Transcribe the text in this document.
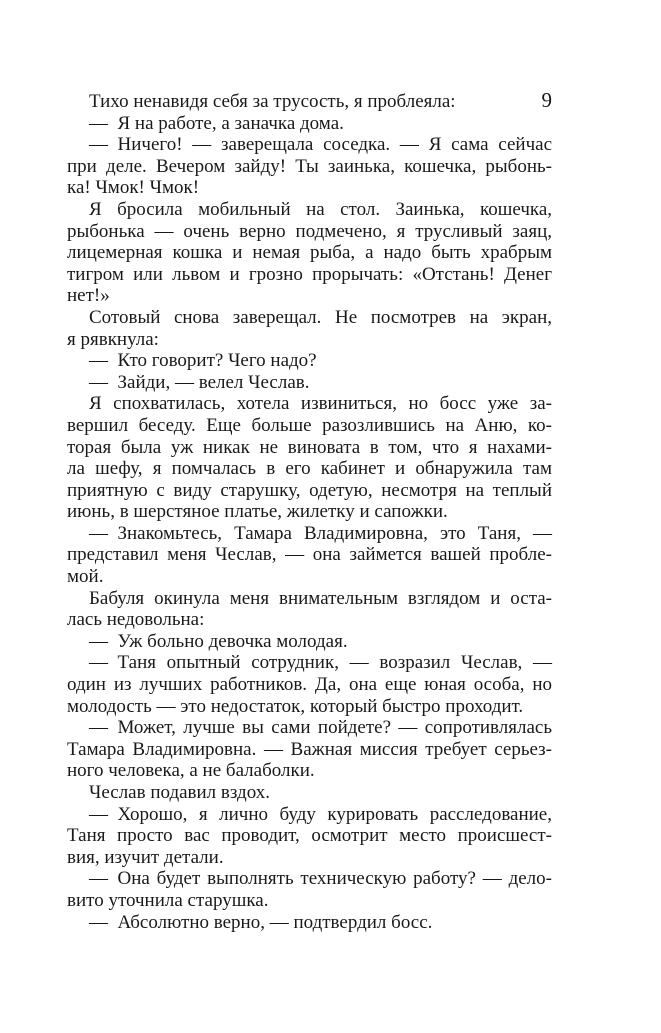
9
Тихо ненавидя себя за трусость, я проблеяла:
— Я на работе, а заначка дома.
— Ничего! — заверещала соседка. — Я сама сейчас
при деле. Вечером зайду! Ты заинька, кошечка, рыбонь-
ка! Чмок! Чмок!
Я бросила мобильный на стол. Заинька, кошечка,
рыбонька — очень верно подмечено, я трусливый заяц,
лицемерная кошка и немая рыба, а надо быть храбрым
тигром или львом и грозно прорычать: «Отстань! Денег
нет!»
Сотовый снова заверещал. Не посмотрев на экран,
я рявкнула:
— Кто говорит? Чего надо?
— Зайди, — велел Чеслав.
Я спохватилась, хотела извиниться, но босс уже за-
вершил беседу. Еще больше разозлившись на Аню, ко-
торая была уж никак не виновата в том, что я нахами-
ла шефу, я помчалась в его кабинет и обнаружила там
приятную с виду старушку, одетую, несмотря на теплый
июнь, в шерстяное платье, жилетку и сапожки.
— Знакомьтесь, Тамара Владимировна, это Таня, —
представил меня Чеслав, — она займется вашей пробле-
мой.
Бабуля окинула меня внимательным взглядом и оста-
лась недовольна:
— Уж больно девочка молодая.
— Таня опытный сотрудник, — возразил Чеслав, —
один из лучших работников. Да, она еще юная особа, но
молодость — это недостаток, который быстро проходит.
— Может, лучше вы сами пойдете? — сопротивлялась
Тамара Владимировна. — Важная миссия требует серьез-
ного человека, а не балаболки.
Чеслав подавил вздох.
— Хорошо, я лично буду курировать расследование,
Таня просто вас проводит, осмотрит место происшест-
вия, изучит детали.
— Она будет выполнять техническую работу? — дело-
вито уточнила старушка.
— Абсолютно верно, — подтвердил босс.
